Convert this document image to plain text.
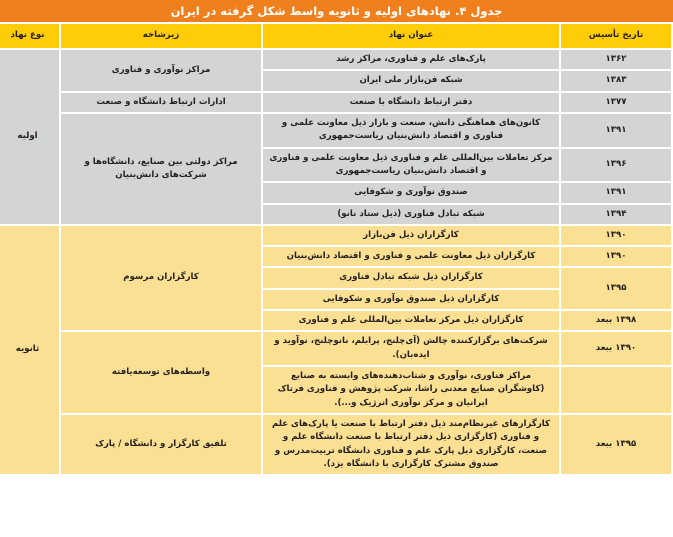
جدول ۴. نهادهای اولیه و ثانویه واسط شکل گرفته در ایران
تاریخ تأسیس	عنوان نهاد	زیرشاخه	نوع نهاد
۱۳۶۲	پارک‌های علم و فناوری، مراکز رشد	مراکز نوآوری و فناوری	اولیه
۱۳۸۳	شبکه فن‌بازار ملی ایران		
۱۳۷۷	دفتر ارتباط دانشگاه با صنعت	ادارات ارتباط دانشگاه و صنعت	
۱۳۹۱	کانون‌های هماهنگی دانش، صنعت و بازار ذیل معاونت علمی و فناوری و اقتصاد دانش‌بنیان ریاست‌جمهوری	مراکز دولتی بین صنایع، دانشگاه‌ها و شرکت‌های دانش‌بنیان	
۱۳۹۶	مرکز تعاملات بین‌المللی علم و فناوری ذیل معاونت علمی و فناوری و اقتصاد دانش‌بنیان ریاست‌جمهوری		
۱۳۹۱	صندوق نوآوری و شکوفایی		
۱۳۹۴	شبکه تبادل فناوری (ذیل ستاد نانو)		
۱۳۹۰	کارگزاران ذیل فن‌بازار	کارگزاران مرسوم	ثانویه
۱۳۹۰	کارگزاران ذیل معاونت علمی و فناوری و اقتصاد دانش‌بنیان		
۱۳۹۵	کارگزاران ذیل شبکه تبادل فناوری		
	کارگزاران ذیل صندوق نوآوری و شکوفایی		
۱۳۹۸ ببعد	کارگزاران ذیل مرکز تعاملات بین‌المللی علم و فناوری		
۱۳۹۰ ببعد	شرکت‌های برگزارکننده چالش (آی‌چلنج، پرابلم، نانوچلنج، نوآوید و ایده‌بان).	واسطه‌های توسعه‌یافته	
	مراکز فناوری، نوآوری و شتاب‌دهنده‌های وابسته به صنایع (کاوشگران صنایع معدنی راشا، شرکت پژوهش و فناوری فرتاک ایرانیان و مرکز نوآوری انرژیک و...).		
۱۳۹۵ ببعد	کارگزارهای غیرنظام‌مند ذیل دفتر ارتباط با صنعت یا پارک‌های علم و فناوری (کارگزاری ذیل دفتر ارتباط با صنعت دانشگاه علم و صنعت، کارگزاری ذیل پارک علم و فناوری دانشگاه تربیت‌مدرس و صندوق مشترک کارگزاری با دانشگاه یزد).	تلفیق کارگزار و دانشگاه / پارک	
